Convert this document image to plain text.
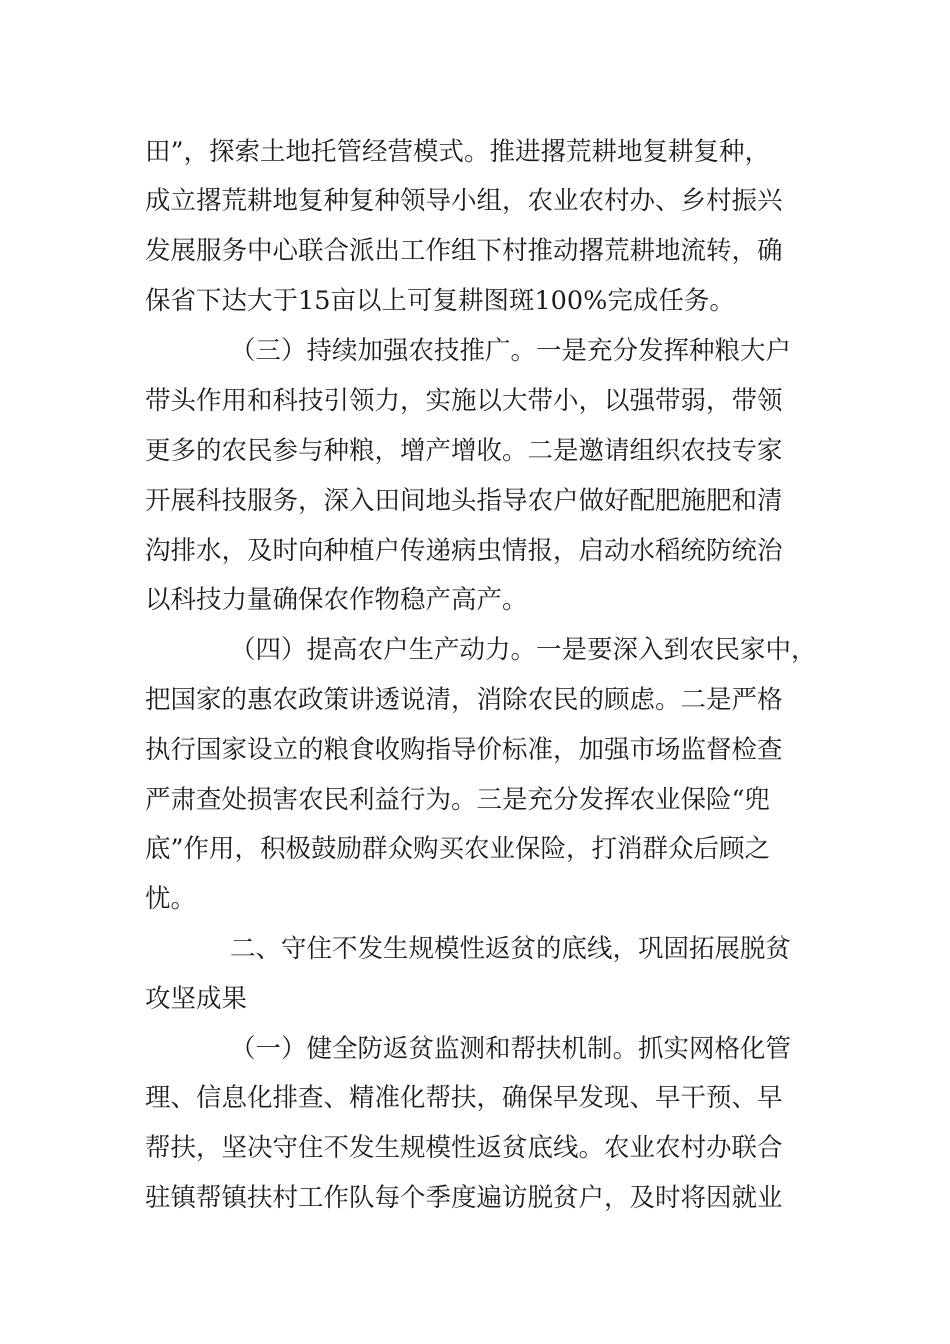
田”，探索土地托管经营模式。推进撂荒耕地复耕复种，
成立撂荒耕地复种复种领导小组，农业农村办、乡村振兴
发展服务中心联合派出工作组下村推动撂荒耕地流转，确
保省下达大于15亩以上可复耕图斑100%完成任务。
（三）持续加强农技推广。一是充分发挥种粮大户
带头作用和科技引领力，实施以大带小，以强带弱，带领
更多的农民参与种粮，增产增收。二是邀请组织农技专家
开展科技服务，深入田间地头指导农户做好配肥施肥和清
沟排水，及时向种植户传递病虫情报，启动水稻统防统治
以科技力量确保农作物稳产高产。
（四）提高农户生产动力。一是要深入到农民家中，
把国家的惠农政策讲透说清，消除农民的顾虑。二是严格
执行国家设立的粮食收购指导价标准，加强市场监督检查
严肃查处损害农民利益行为。三是充分发挥农业保险“兜
底”作用，积极鼓励群众购买农业保险，打消群众后顾之
忧。
二、守住不发生规模性返贫的底线，巩固拓展脱贫
攻坚成果
（一）健全防返贫监测和帮扶机制。抓实网格化管
理、信息化排查、精准化帮扶，确保早发现、早干预、早
帮扶，坚决守住不发生规模性返贫底线。农业农村办联合
驻镇帮镇扶村工作队每个季度遍访脱贫户，及时将因就业
